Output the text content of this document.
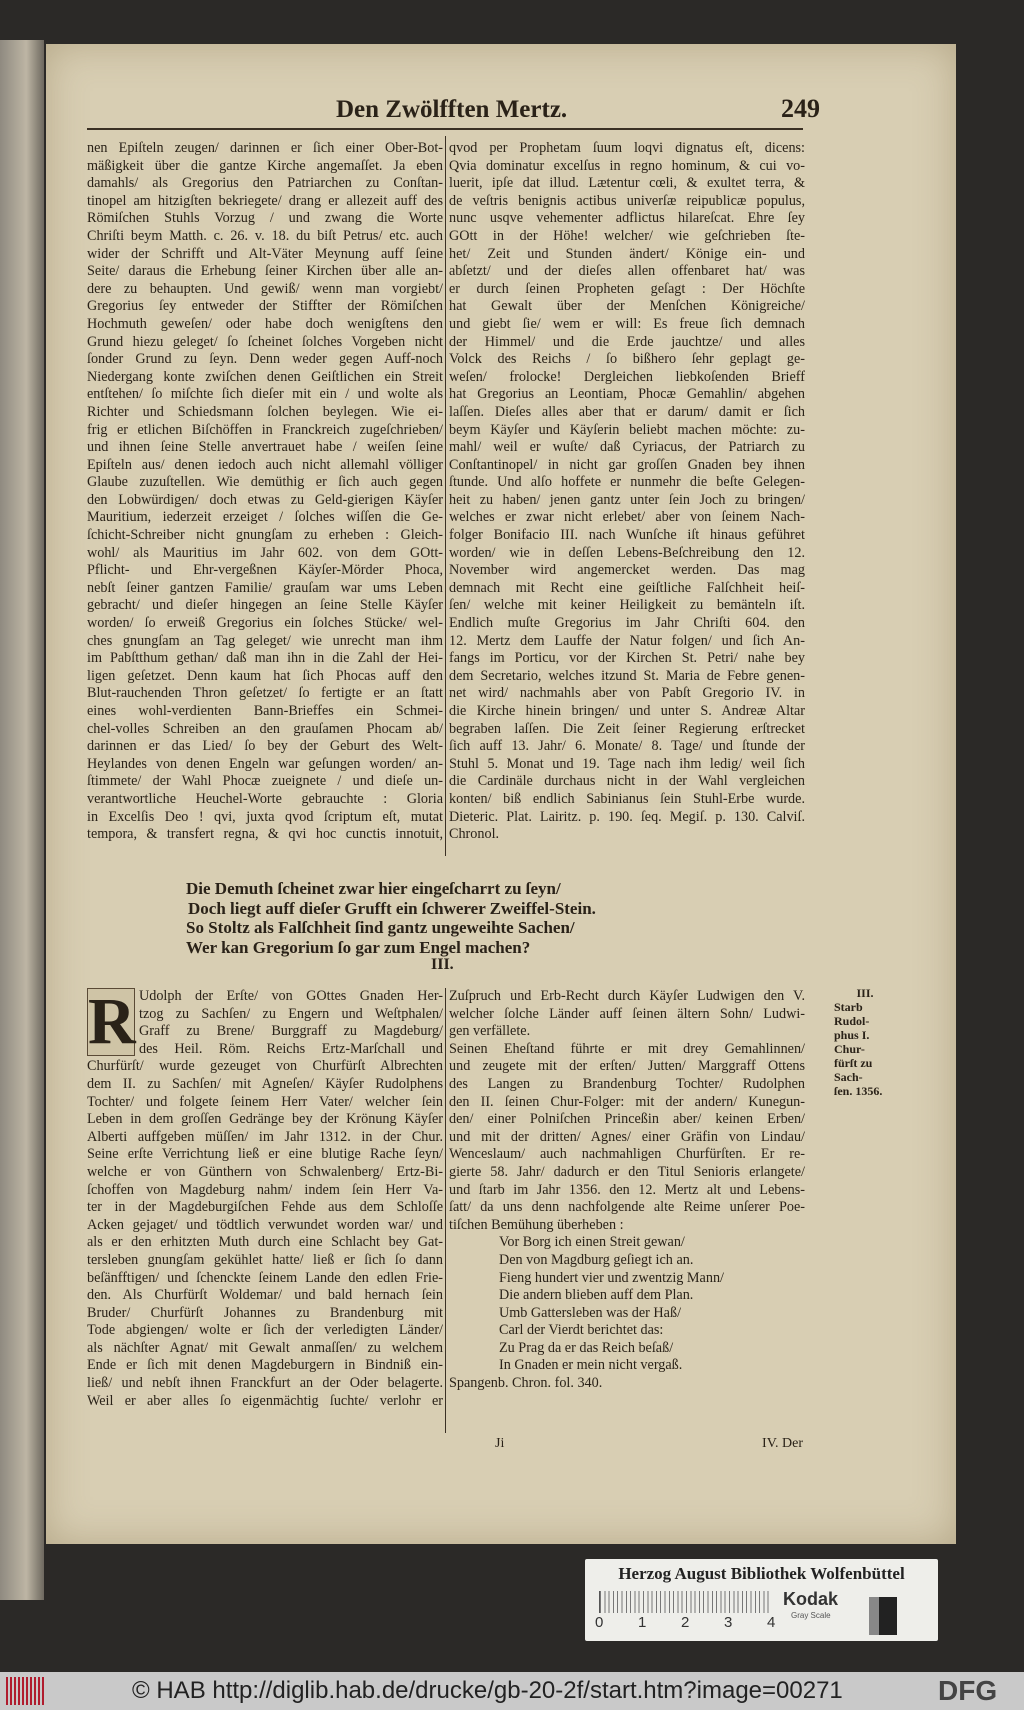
Den Zwölfften Mertz.	249
nen Epiſteln zeugen/ darinnen er ſich einer Ober-Bot-
mäßigkeit über die gantze Kirche angemaſſet. Ja eben
damahls/ als Gregorius den Patriarchen zu Conſtan-
tinopel am hitzigſten bekriegete/ drang er allezeit auff des
Römiſchen Stuhls Vorzug / und zwang die Worte
Chriſti beym Matth. c. 26. v. 18. du biſt Petrus/ etc. auch
wider der Schrifft und Alt-Väter Meynung auff ſeine
Seite/ daraus die Erhebung ſeiner Kirchen über alle an-
dere zu behaupten. Und gewiß/ wenn man vorgiebt/
Gregorius ſey entweder der Stiffter der Römiſchen
Hochmuth geweſen/ oder habe doch wenigſtens den
Grund hiezu geleget/ ſo ſcheinet ſolches Vorgeben nicht
ſonder Grund zu ſeyn. Denn weder gegen Auff-noch
Niedergang konte zwiſchen denen Geiſtlichen ein Streit
entſtehen/ ſo miſchte ſich dieſer mit ein / und wolte als
Richter und Schiedsmann ſolchen beylegen. Wie ei-
frig er etlichen Biſchöffen in Franckreich zugeſchrieben/
und ihnen ſeine Stelle anvertrauet habe / weiſen ſeine
Epiſteln aus/ denen iedoch auch nicht allemahl völliger
Glaube zuzuſtellen. Wie demüthig er ſich auch gegen
den Lobwürdigen/ doch etwas zu Geld-gierigen Käyſer
Mauritium, iederzeit erzeiget / ſolches wiſſen die Ge-
ſchicht-Schreiber nicht gnungſam zu erheben : Gleich-
wohl/ als Mauritius im Jahr 602. von dem GOtt-
Pflicht- und Ehr-vergeßnen Käyſer-Mörder Phoca,
nebſt ſeiner gantzen Familie/ grauſam war ums Leben
gebracht/ und dieſer hingegen an ſeine Stelle Käyſer
worden/ ſo erweiß Gregorius ein ſolches Stücke/ wel-
ches gnungſam an Tag geleget/ wie unrecht man ihm
im Pabſtthum gethan/ daß man ihn in die Zahl der Hei-
ligen geſetzet. Denn kaum hat ſich Phocas auff den
Blut-rauchenden Thron geſetzet/ ſo fertigte er an ſtatt
eines wohl-verdienten Bann-Brieffes ein Schmei-
chel-volles Schreiben an den grauſamen Phocam ab/
darinnen er das Lied/ ſo bey der Geburt des Welt-
Heylandes von denen Engeln war geſungen worden/ an-
ſtimmete/ der Wahl Phocæ zueignete / und dieſe un-
verantwortliche Heuchel-Worte gebrauchte : Gloria
in Excelſis Deo ! qvi, juxta qvod ſcriptum eſt, mutat
tempora, & transfert regna, & qvi hoc cunctis innotuit,
qvod per Prophetam ſuum loqvi dignatus eſt, dicens:
Qvia dominatur excelſus in regno hominum, & cui vo-
luerit, ipſe dat illud. Lætentur cœli, & exultet terra, &
de veſtris benignis actibus univerſæ reipublicæ populus,
nunc usqve vehementer adflictus hilareſcat. Ehre ſey
GOtt in der Höhe! welcher/ wie geſchrieben ſte-
het/ Zeit und Stunden ändert/ Könige ein- und
abſetzt/ und der dieſes allen offenbaret hat/ was
er durch ſeinen Propheten geſagt : Der Höchſte
hat Gewalt über der Menſchen Königreiche/
und giebt ſie/ wem er will: Es freue ſich demnach
der Himmel/ und die Erde jauchtze/ und alles
Volck des Reichs / ſo bißhero ſehr geplagt ge-
weſen/ frolocke! Dergleichen liebkoſenden Brieff
hat Gregorius an Leontiam, Phocæ Gemahlin/ abgehen
laſſen. Dieſes alles aber that er darum/ damit er ſich
beym Käyſer und Käyſerin beliebt machen möchte: zu-
mahl/ weil er wuſte/ daß Cyriacus, der Patriarch zu
Conſtantinopel/ in nicht gar groſſen Gnaden bey ihnen
ſtunde. Und alſo hoffete er nunmehr die beſte Gelegen-
heit zu haben/ jenen gantz unter ſein Joch zu bringen/
welches er zwar nicht erlebet/ aber von ſeinem Nach-
folger Bonifacio III. nach Wunſche iſt hinaus geführet
worden/ wie in deſſen Lebens-Beſchreibung den 12.
November wird angemercket werden. Das mag
demnach mit Recht eine geiſtliche Falſchheit heiſ-
ſen/ welche mit keiner Heiligkeit zu bemänteln iſt.
Endlich muſte Gregorius im Jahr Chriſti 604. den
12. Mertz dem Lauffe der Natur folgen/ und ſich An-
fangs im Porticu, vor der Kirchen St. Petri/ nahe bey
dem Secretario, welches itzund St. Maria de Febre genen-
net wird/ nachmahls aber von Pabſt Gregorio IV. in
die Kirche hinein bringen/ und unter S. Andreæ Altar
begraben laſſen. Die Zeit ſeiner Regierung erſtrecket
ſich auff 13. Jahr/ 6. Monate/ 8. Tage/ und ſtunde der
Stuhl 5. Monat und 19. Tage nach ihm ledig/ weil ſich
die Cardinäle durchaus nicht in der Wahl vergleichen
konten/ biß endlich Sabinianus ſein Stuhl-Erbe wurde.
Dieteric. Plat. Lairitz. p. 190. ſeq. Megiſ. p. 130. Calviſ.
Chronol.
Die Demuth ſcheinet zwar hier eingeſcharrt zu ſeyn/
Doch liegt auff dieſer Grufft ein ſchwerer Zweiffel-Stein.
So Stoltz als Falſchheit ſind gantz ungeweihte Sachen/
Wer kan Gregorium ſo gar zum Engel machen?
III.
R Udolph der Erſte/ von GOttes Gnaden Her-
tzog zu Sachſen/ zu Engern und Weſtphalen/
Graff zu Brene/ Burggraff zu Magdeburg/
des Heil. Röm. Reichs Ertz-Marſchall und
Churfürſt/ wurde gezeuget von Churfürſt Albrechten
dem II. zu Sachſen/ mit Agneſen/ Käyſer Rudolphens
Tochter/ und folgete ſeinem Herr Vater/ welcher ſein
Leben in dem groſſen Gedränge bey der Krönung Käyſer
Alberti auffgeben müſſen/ im Jahr 1312. in der Chur.
Seine erſte Verrichtung ließ er eine blutige Rache ſeyn/
welche er von Günthern von Schwalenberg/ Ertz-Bi-
ſchoffen von Magdeburg nahm/ indem ſein Herr Va-
ter in der Magdeburgiſchen Fehde aus dem Schloſſe
Acken gejaget/ und tödtlich verwundet worden war/ und
als er den erhitzten Muth durch eine Schlacht bey Gat-
tersleben gnungſam gekühlet hatte/ ließ er ſich ſo dann
beſänfftigen/ und ſchenckte ſeinem Lande den edlen Frie-
den. Als Churfürſt Woldemar/ und bald hernach ſein
Bruder/ Churfürſt Johannes zu Brandenburg mit
Tode abgiengen/ wolte er ſich der verledigten Länder/
als nächſter Agnat/ mit Gewalt anmaſſen/ zu welchem
Ende er ſich mit denen Magdeburgern in Bindniß ein-
ließ/ und nebſt ihnen Franckfurt an der Oder belagerte.
Weil er aber alles ſo eigenmächtig ſuchte/ verlohr er
Zuſpruch und Erb-Recht durch Käyſer Ludwigen den V.
welcher ſolche Länder auff ſeinen ältern Sohn/ Ludwi-
gen verfällete.
Seinen Eheſtand führte er mit drey Gemahlinnen/
und zeugete mit der erſten/ Jutten/ Marggraff Ottens
des Langen zu Brandenburg Tochter/ Rudolphen
den II. ſeinen Chur-Folger: mit der andern/ Kunegun-
den/ einer Polniſchen Princeßin aber/ keinen Erben/
und mit der dritten/ Agnes/ einer Gräfin von Lindau/
Wenceslaum/ auch nachmahligen Churfürſten. Er re-
gierte 58. Jahr/ dadurch er den Titul Senioris erlangete/
und ſtarb im Jahr 1356. den 12. Mertz alt und Lebens-
ſatt/ da uns denn nachfolgende alte Reime unſerer Poe-
tiſchen Bemühung überheben :
Vor Borg ich einen Streit gewan/
Den von Magdburg geſiegt ich an.
Fieng hundert vier und zwentzig Mann/
Die andern blieben auff dem Plan.
Umb Gattersleben was der Haß/
Carl der Vierdt berichtet das:
Zu Prag da er das Reich beſaß/
In Gnaden er mein nicht vergaß.
Spangenb. Chron. fol. 340.
III.
Starb Rudol-
phus I. Chur-
fürſt zu Sach-
ſen. 1356.
Ji	IV. Der
Herzog August Bibliothek Wolfenbüttel
0 1 2 3 4
Kodak
Gray Scale
© HAB http://diglib.hab.de/drucke/gb-20-2f/start.htm?image=00271	DFG
